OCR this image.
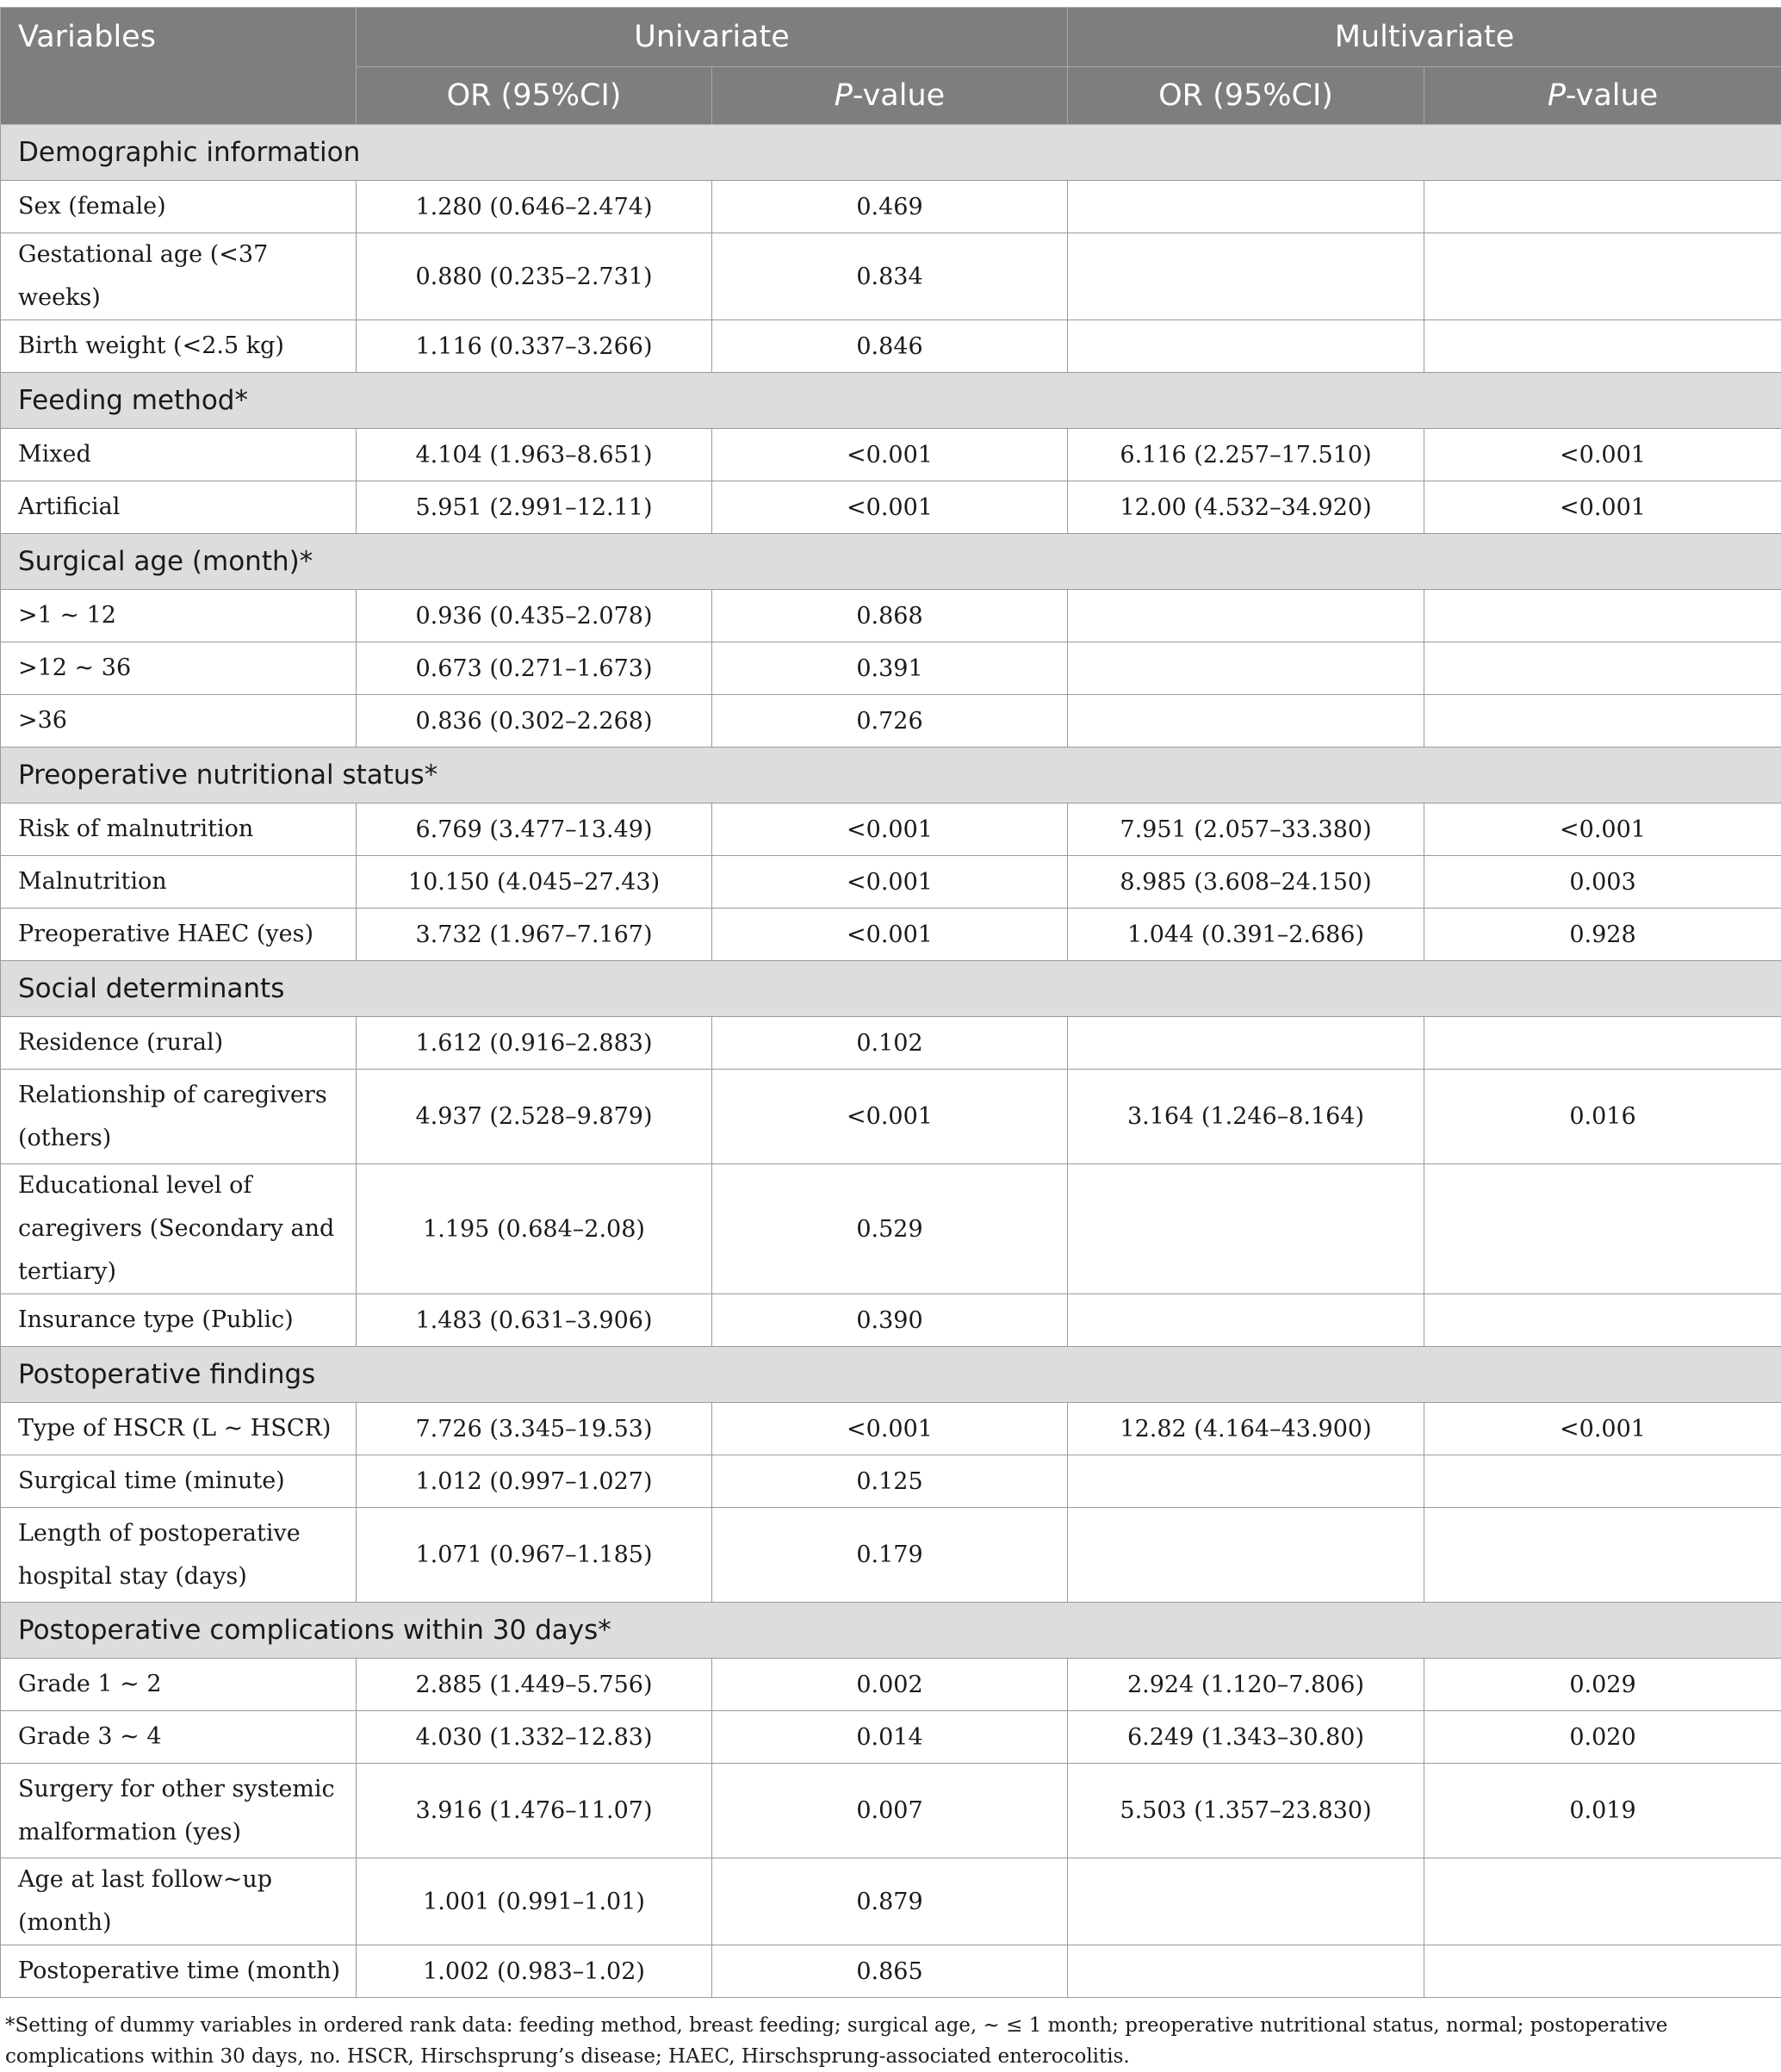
Variables	Univariate		Multivariate	
	OR (95%CI)	P-value	OR (95%CI)	P-value
Demographic information				
Sex (female)	1.280 (0.646–2.474)	0.469		
Gestational age (<37 weeks)	0.880 (0.235–2.731)	0.834		
Birth weight (<2.5 kg)	1.116 (0.337–3.266)	0.846		
Feeding method*				
Mixed	4.104 (1.963–8.651)	<0.001	6.116 (2.257–17.510)	<0.001
Artificial	5.951 (2.991–12.11)	<0.001	12.00 (4.532–34.920)	<0.001
Surgical age (month)*				
>1 ~ 12	0.936 (0.435–2.078)	0.868		
>12 ~ 36	0.673 (0.271–1.673)	0.391		
>36	0.836 (0.302–2.268)	0.726		
Preoperative nutritional status*				
Risk of malnutrition	6.769 (3.477–13.49)	<0.001	7.951 (2.057–33.380)	<0.001
Malnutrition	10.150 (4.045–27.43)	<0.001	8.985 (3.608–24.150)	0.003
Preoperative HAEC (yes)	3.732 (1.967–7.167)	<0.001	1.044 (0.391–2.686)	0.928
Social determinants				
Residence (rural)	1.612 (0.916–2.883)	0.102		
Relationship of caregivers (others)	4.937 (2.528–9.879)	<0.001	3.164 (1.246–8.164)	0.016
Educational level of caregivers (Secondary and tertiary)	1.195 (0.684–2.08)	0.529		
Insurance type (Public)	1.483 (0.631–3.906)	0.390		
Postoperative findings				
Type of HSCR (L ~ HSCR)	7.726 (3.345–19.53)	<0.001	12.82 (4.164–43.900)	<0.001
Surgical time (minute)	1.012 (0.997–1.027)	0.125		
Length of postoperative hospital stay (days)	1.071 (0.967–1.185)	0.179		
Postoperative complications within 30 days*				
Grade 1 ~ 2	2.885 (1.449–5.756)	0.002	2.924 (1.120–7.806)	0.029
Grade 3 ~ 4	4.030 (1.332–12.83)	0.014	6.249 (1.343–30.80)	0.020
Surgery for other systemic malformation (yes)	3.916 (1.476–11.07)	0.007	5.503 (1.357–23.830)	0.019
Age at last follow~up (month)	1.001 (0.991–1.01)	0.879		
Postoperative time (month)	1.002 (0.983–1.02)	0.865		
*Setting of dummy variables in ordered rank data: feeding method, breast feeding; surgical age, ~ ≤ 1 month; preoperative nutritional status, normal; postoperative complications within 30 days, no. HSCR, Hirschsprung’s disease; HAEC, Hirschsprung-associated enterocolitis.
